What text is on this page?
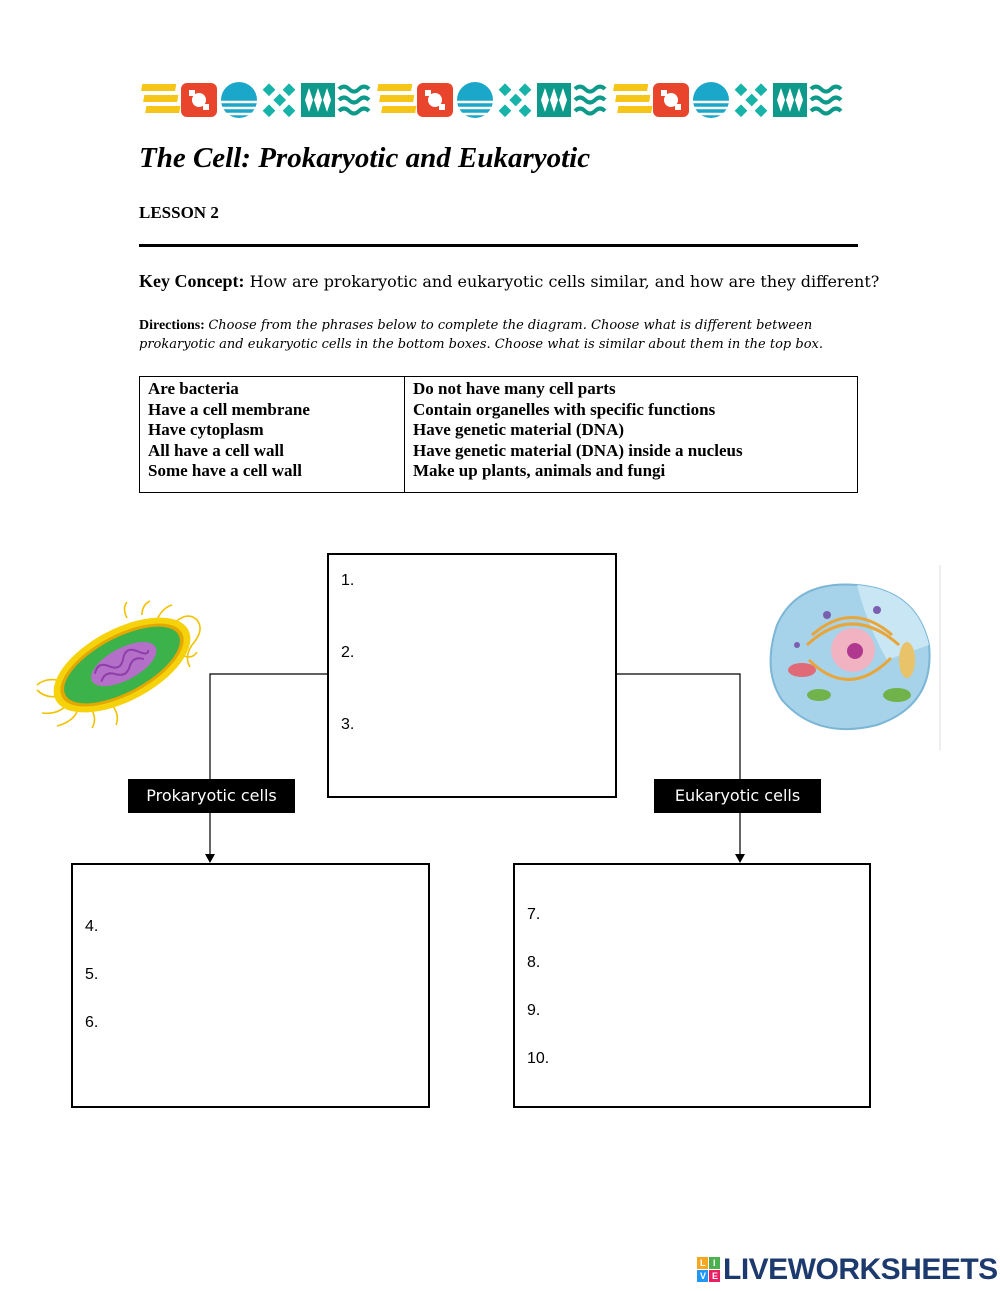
The Cell: Prokaryotic and Eukaryotic
LESSON 2
Key Concept: How are prokaryotic and eukaryotic cells similar, and how are they different?
Directions: Choose from the phrases below to complete the diagram. Choose what is different between prokaryotic and eukaryotic cells in the bottom boxes. Choose what is similar about them in the top box.
Are bacteria
Have a cell membrane
Have cytoplasm
All have a cell wall
Some have a cell wall
Do not have many cell parts
Contain organelles with specific functions
Have genetic material (DNA)
Have genetic material (DNA) inside a nucleus
Make up plants, animals and fungi
1.
2.
3.
Prokaryotic cells	Eukaryotic cells
4.
5.
6.
7.
8.
9.
10.
L I
V E LIVEWORKSHEETS
